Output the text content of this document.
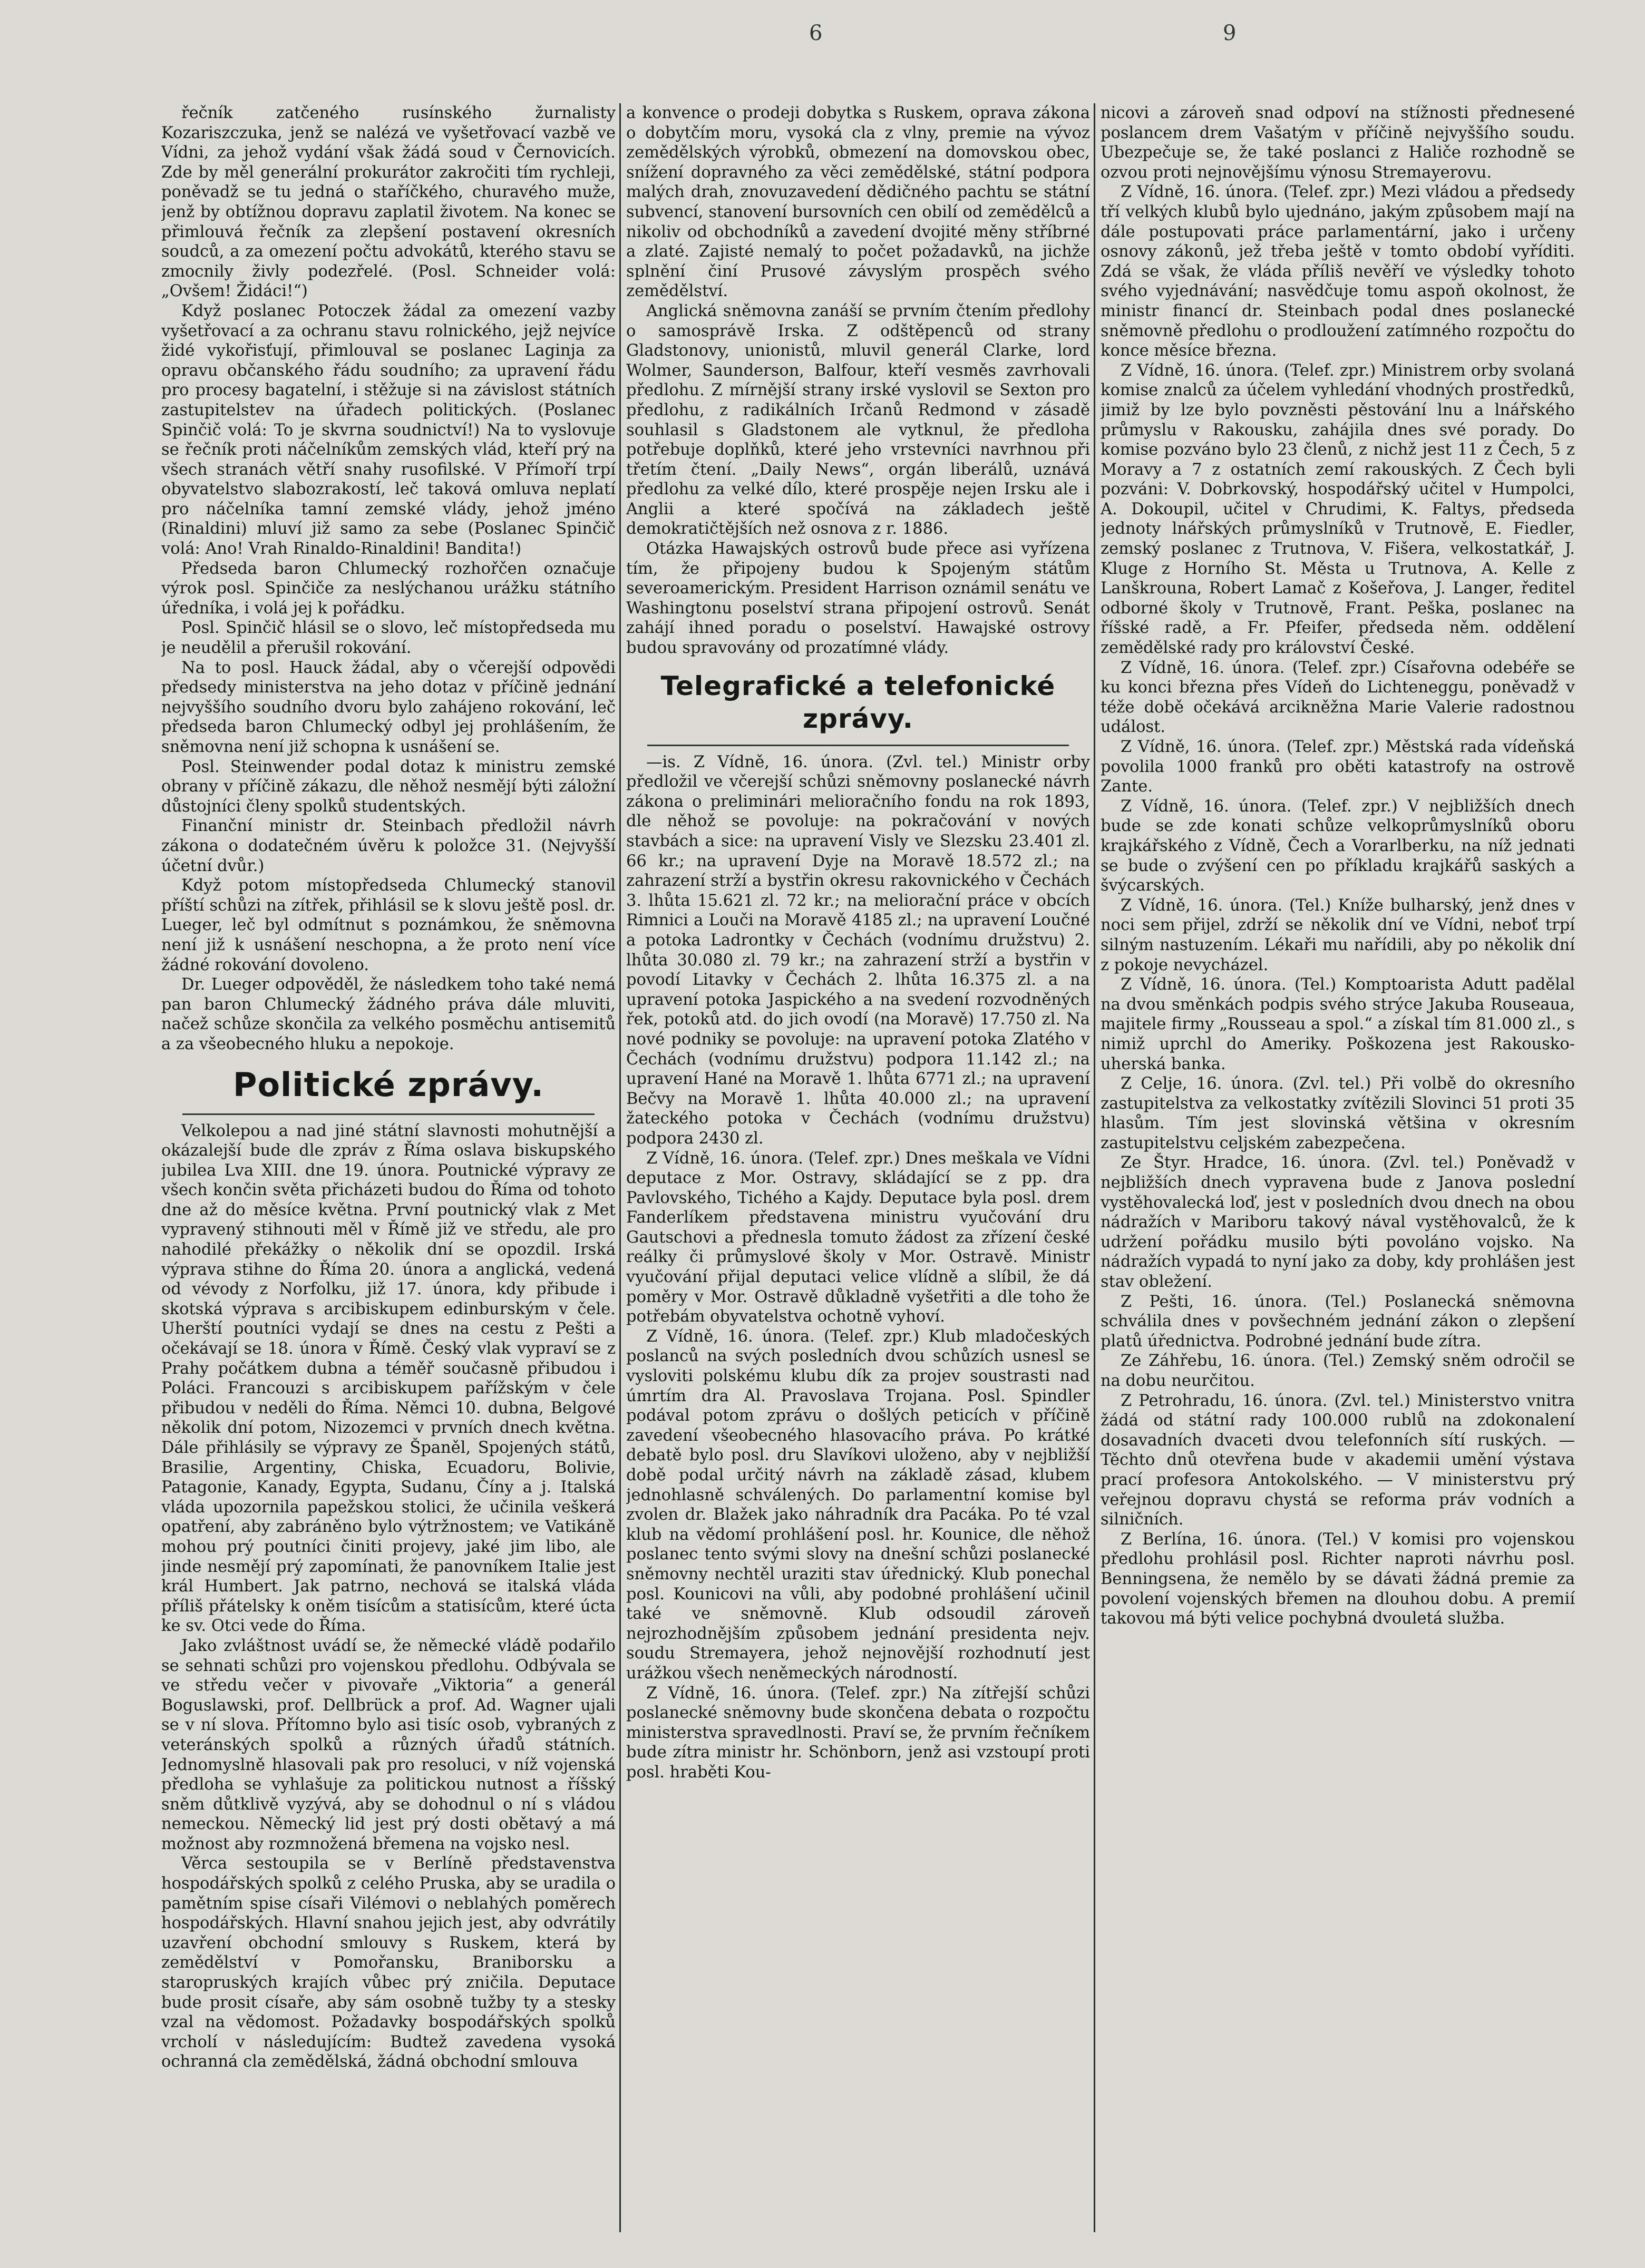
6	9

řečník zatčeného rusínského žurnalisty Kozariszczuka, jenž se nalézá ve vyšetřovací vazbě ve Vídni, za jehož vydání však žádá soud v Černovicích. Zde by měl generální prokurátor zakročiti tím rychleji, poněvadž se tu jedná o staříčkého, churavého muže, jenž by obtížnou dopravu zaplatil životem. Na konec se přimlouvá řečník za zlepšení postavení okresních soudců, a za omezení počtu advokátů, kterého stavu se zmocnily živly podezřelé. (Posl. Schneider volá: „Ovšem! Židáci!“)

Když poslanec Potoczek žádal za omezení vazby vyšetřovací a za ochranu stavu rolnického, jejž nejvíce židé vykořisťují, přimlouval se poslanec Laginja za opravu občanského řádu soudního; za upravení řádu pro procesy bagatelní, i stěžuje si na závislost státních zastupitelstev na úřadech politických. (Poslanec Spinčič volá: To je skvrna soudnictví!) Na to vyslovuje se řečník proti náčelníkům zemských vlád, kteří prý na všech stranách větří snahy rusofilské. V Přímoří trpí obyvatelstvo slabozrakostí, leč taková omluva neplatí pro náčelníka tamní zemské vlády, jehož jméno (Rinaldini) mluví již samo za sebe (Poslanec Spinčič volá: Ano! Vrah Rinaldo-Rinaldini! Bandita!)

Předseda baron Chlumecký rozhořčen označuje výrok posl. Spinčiče za neslýchanou urážku státního úředníka, i volá jej k pořádku.

Posl. Spinčič hlásil se o slovo, leč místopředseda mu je neudělil a přerušil rokování.

Na to posl. Hauck žádal, aby o včerejší odpovědi předsedy ministerstva na jeho dotaz v příčině jednání nejvyššího soudního dvoru bylo zahájeno rokování, leč předseda baron Chlumecký odbyl jej prohlášením, že sněmovna není již schopna k usnášení se.

Posl. Steinwender podal dotaz k ministru zemské obrany v příčině zákazu, dle něhož nesmějí býti záložní důstojníci členy spolků studentských.

Finanční ministr dr. Steinbach předložil návrh zákona o dodatečném úvěru k položce 31. (Nejvyšší účetní dvůr.)

Když potom místopředseda Chlumecký stanovil příští schůzi na zítřek, přihlásil se k slovu ještě posl. dr. Lueger, leč byl odmítnut s poznámkou, že sněmovna není již k usnášení neschopna, a že proto není více žádné rokování dovoleno.

Dr. Lueger odpověděl, že následkem toho také nemá pan baron Chlumecký žádného práva dále mluviti, načež schůze skončila za velkého posměchu antisemitů a za všeobecného hluku a nepokoje.

Politické zprávy.

Velkolepou a nad jiné státní slavnosti mohutnější a okázalejší bude dle zpráv z Říma oslava biskupského jubilea Lva XIII. dne 19. února. Poutnické výpravy ze všech končin světa přicházeti budou do Říma od tohoto dne až do měsíce května. První poutnický vlak z Met vypravený stihnouti měl v Římě již ve středu, ale pro nahodilé překážky o několik dní se opozdil. Irská výprava stihne do Říma 20. února a anglická, vedená od vévody z Norfolku, již 17. února, kdy přibude i skotská výprava s arcibiskupem edinburským v čele. Uherští poutníci vydají se dnes na cestu z Pešti a očekávají se 18. února v Římě. Český vlak vypraví se z Prahy počátkem dubna a téměř současně přibudou i Poláci. Francouzi s arcibiskupem pařížským v čele přibudou v neděli do Říma. Němci 10. dubna, Belgové několik dní potom, Nizozemci v prvních dnech května. Dále přihlásily se výpravy ze Španěl, Spojených států, Brasilie, Argentiny, Chiska, Ecuadoru, Bolivie, Patagonie, Kanady, Egypta, Sudanu, Číny a j. Italská vláda upozornila papežskou stolici, že učinila veškerá opatření, aby zabráněno bylo výtržnostem; ve Vatikáně mohou prý poutníci činiti projevy, jaké jim libo, ale jinde nesmějí prý zapomínati, že panovníkem Italie jest král Humbert. Jak patrno, nechová se italská vláda příliš přátelsky k oněm tisícům a statisícům, které úcta ke sv. Otci vede do Říma.

Jako zvláštnost uvádí se, že německé vládě podařilo se sehnati schůzi pro vojenskou předlohu. Odbývala se ve středu večer v pivovaře „Viktoria“ a generál Boguslawski, prof. Dellbrück a prof. Ad. Wagner ujali se v ní slova. Přítomno bylo asi tisíc osob, vybraných z veteránských spolků a různých úřadů státních. Jednomyslně hlasovali pak pro resoluci, v níž vojenská předloha se vyhlašuje za politickou nutnost a říšský sněm důtklivě vyzývá, aby se dohodnul o ní s vládou nemeckou. Německý lid jest prý dosti obětavý a má možnost aby rozmnožená břemena na vojsko nesl.

Věrca sestoupila se v Berlíně představenstva hospodářských spolků z celého Pruska, aby se uradila o pamětním spise císaři Vilémovi o neblahých poměrech hospodářských. Hlavní snahou jejich jest, aby odvrátily uzavření obchodní smlouvy s Ruskem, která by zemědělství v Pomořansku, Braniborsku a staropruských krajích vůbec prý zničila. Deputace bude prosit císaře, aby sám osobně tužby ty a stesky vzal na vědomost. Požadavky bospodářských spolků vrcholí v následujícím: Budtež zavedena vysoká ochranná cla zemědělská, žádná obchodní smlouva

a konvence o prodeji dobytka s Ruskem, oprava zákona o dobytčím moru, vysoká cla z vlny, premie na vývoz zemědělských výrobků, obmezení na domovskou obec, snížení dopravného za věci zemědělské, státní podpora malých drah, znovuzavedení dědičného pachtu se státní subvencí, stanovení bursovních cen obilí od zemědělců a nikoliv od obchodníků a zavedení dvojité měny stříbrné a zlaté. Zajisté nemalý to počet požadavků, na jichže splnění činí Prusové závyslým prospěch svého zemědělství.

Anglická sněmovna zanáší se prvním čtením předlohy o samosprávě Irska. Z odštěpenců od strany Gladstonovy, unionistů, mluvil generál Clarke, lord Wolmer, Saunderson, Balfour, kteří vesměs zavrhovali předlohu. Z mírnější strany irské vyslovil se Sexton pro předlohu, z radikálních Irčanů Redmond v zásadě souhlasil s Gladstonem ale vytknul, že předloha potřebuje doplňků, které jeho vrstevníci navrhnou při třetím čtení. „Daily News“, orgán liberálů, uznává předlohu za velké dílo, které prospěje nejen Irsku ale i Anglii a které spočívá na základech ještě demokratičtějších než osnova z r. 1886.

Otázka Hawajských ostrovů bude přece asi vyřízena tím, že připojeny budou k Spojeným státům severoamerickým. President Harrison oznámil senátu ve Washingtonu poselství strana připojení ostrovů. Senát zahájí ihned poradu o poselství. Hawajské ostrovy budou spravovány od prozatímné vlády.

Telegrafické a telefonické zprávy.

—is. Z Vídně, 16. února. (Zvl. tel.) Ministr orby předložil ve včerejší schůzi sněmovny poslanecké návrh zákona o preliminári melioračního fondu na rok 1893, dle něhož se povoluje: na pokračování v nových stavbách a sice: na upravení Visly ve Slezsku 23.401 zl. 66 kr.; na upravení Dyje na Moravě 18.572 zl.; na zahrazení strží a bystřin okresu rakovnického v Čechách 3. lhůta 15.621 zl. 72 kr.; na meliorační práce v obcích Rimnici a Louči na Moravě 4185 zl.; na upravení Loučné a potoka Ladrontky v Čechách (vodnímu družstvu) 2. lhůta 30.080 zl. 79 kr.; na zahrazení strží a bystřin v povodí Litavky v Čechách 2. lhůta 16.375 zl. a na upravení potoka Jaspického a na svedení rozvodněných řek, potoků atd. do jich ovodí (na Moravě) 17.750 zl. Na nové podniky se povoluje: na upravení potoka Zlatého v Čechách (vodnímu družstvu) podpora 11.142 zl.; na upravení Hané na Moravě 1. lhůta 6771 zl.; na upravení Bečvy na Moravě 1. lhůta 40.000 zl.; na upravení žateckého potoka v Čechách (vodnímu družstvu) podpora 2430 zl.

Z Vídně, 16. února. (Telef. zpr.) Dnes meškala ve Vídni deputace z Mor. Ostravy, skládající se z pp. dra Pavlovského, Tichého a Kajdy. Deputace byla posl. drem Fanderlíkem představena ministru vyučování dru Gautschovi a přednesla tomuto žádost za zřízení české reálky či průmyslové školy v Mor. Ostravě. Ministr vyučování přijal deputaci velice vlídně a slíbil, že dá poměry v Mor. Ostravě důkladně vyšetřiti a dle toho že potřebám obyvatelstva ochotně vyhoví.

Z Vídně, 16. února. (Telef. zpr.) Klub mladočeských poslanců na svých posledních dvou schůzích usnesl se vysloviti polskému klubu dík za projev soustrasti nad úmrtím dra Al. Pravoslava Trojana. Posl. Spindler podával potom zprávu o došlých peticích v příčině zavedení všeobecného hlasovacího práva. Po krátké debatě bylo posl. dru Slavíkovi uloženo, aby v nejbližší době podal určitý návrh na základě zásad, klubem jednohlasně schválených. Do parlamentní komise byl zvolen dr. Blažek jako náhradník dra Pacáka. Po té vzal klub na vědomí prohlášení posl. hr. Kounice, dle něhož poslanec tento svými slovy na dnešní schůzi poslanecké sněmovny nechtěl uraziti stav úřednický. Klub ponechal posl. Kounicovi na vůli, aby podobné prohlášení učinil také ve sněmovně. Klub odsoudil zároveň nejrozhodnějším způsobem jednání presidenta nejv. soudu Stremayera, jehož nejnovější rozhodnutí jest urážkou všech neněmeckých národností.

Z Vídně, 16. února. (Telef. zpr.) Na zítřejší schůzi poslanecké sněmovny bude skončena debata o rozpočtu ministerstva spravedlnosti. Praví se, že prvním řečníkem bude zítra ministr hr. Schönborn, jenž asi vzstoupí proti posl. hraběti Kou-

nicovi a zároveň snad odpoví na stížnosti přednesené poslancem drem Vašatým v příčině nejvyššího soudu. Ubezpečuje se, že také poslanci z Haliče rozhodně se ozvou proti nejnovějšímu výnosu Stremayerovu.

Z Vídně, 16. února. (Telef. zpr.) Mezi vládou a předsedy tří velkých klubů bylo ujednáno, jakým způsobem mají na dále postupovati práce parlamentární, jako i určeny osnovy zákonů, jež třeba ještě v tomto období vyříditi. Zdá se však, že vláda příliš nevěří ve výsledky tohoto svého vyjednávání; nasvědčuje tomu aspoň okolnost, že ministr financí dr. Steinbach podal dnes poslanecké sněmovně předlohu o prodloužení zatímného rozpočtu do konce měsíce března.

Z Vídně, 16. února. (Telef. zpr.) Ministrem orby svolaná komise znalců za účelem vyhledání vhodných prostředků, jimiž by lze bylo povzněsti pěstování lnu a lnářského průmyslu v Rakousku, zahájila dnes své porady. Do komise pozváno bylo 23 členů, z nichž jest 11 z Čech, 5 z Moravy a 7 z ostatních zemí rakouských. Z Čech byli pozváni: V. Dobrkovský, hospodářský učitel v Humpolci, A. Dokoupil, učitel v Chrudimi, K. Faltys, předseda jednoty lnářských průmyslníků v Trutnově, E. Fiedler, zemský poslanec z Trutnova, V. Fišera, velkostatkář, J. Kluge z Horního St. Města u Trutnova, A. Kelle z Lanškrouna, Robert Lamač z Košeřova, J. Langer, ředitel odborné školy v Trutnově, Frant. Peška, poslanec na říšské radě, a Fr. Pfeifer, předseda něm. oddělení zemědělské rady pro království České.

Z Vídně, 16. února. (Telef. zpr.) Císařovna odebéře se ku konci března přes Vídeň do Lichteneggu, poněvadž v téže době očekává arcikněžna Marie Valerie radostnou událost.

Z Vídně, 16. února. (Telef. zpr.) Městská rada vídeňská povolila 1000 franků pro oběti katastrofy na ostrově Zante.

Z Vídně, 16. února. (Telef. zpr.) V nejbližších dnech bude se zde konati schůze velkoprůmyslníků oboru krajkářského z Vídně, Čech a Vorarlberku, na níž jednati se bude o zvýšení cen po příkladu krajkářů saských a švýcarských.

Z Vídně, 16. února. (Tel.) Kníže bulharský, jenž dnes v noci sem přijel, zdrží se několik dní ve Vídni, neboť trpí silným nastuzením. Lékaři mu nařídili, aby po několik dní z pokoje nevycházel.

Z Vídně, 16. února. (Tel.) Komptoarista Adutt padělal na dvou směnkách podpis svého strýce Jakuba Rouseaua, majitele firmy „Rousseau a spol.“ a získal tím 81.000 zl., s nimiž uprchl do Ameriky. Poškozena jest Rakousko-uherská banka.

Z Celje, 16. února. (Zvl. tel.) Při volbě do okresního zastupitelstva za velkostatky zvítězili Slovinci 51 proti 35 hlasům. Tím jest slovinská většina v okresním zastupitelstvu celjském zabezpečena.

Ze Štyr. Hradce, 16. února. (Zvl. tel.) Poněvadž v nejbližších dnech vypravena bude z Janova poslední vystěhovalecká loď, jest v posledních dvou dnech na obou nádražích v Mariboru takový nával vystěhovalců, že k udržení pořádku musilo býti povoláno vojsko. Na nádražích vypadá to nyní jako za doby, kdy prohlášen jest stav obležení.

Z Pešti, 16. února. (Tel.) Poslanecká sněmovna schválila dnes v povšechném jednání zákon o zlepšení platů úřednictva. Podrobné jednání bude zítra.

Ze Záhřebu, 16. února. (Tel.) Zemský sněm odročil se na dobu neurčitou.

Z Petrohradu, 16. února. (Zvl. tel.) Ministerstvo vnitra žádá od státní rady 100.000 rublů na zdokonalení dosavadních dvaceti dvou telefonních sítí ruských. — Těchto dnů otevřena bude v akademii umění výstava prací profesora Antokolského. — V ministerstvu prý veřejnou dopravu chystá se reforma práv vodních a silničních.

Z Berlína, 16. února. (Tel.) V komisi pro vojenskou předlohu prohlásil posl. Richter naproti návrhu posl. Benningsena, že nemělo by se dávati žádná premie za povolení vojenských břemen na dlouhou dobu. A premií takovou má býti velice pochybná dvouletá služba.
